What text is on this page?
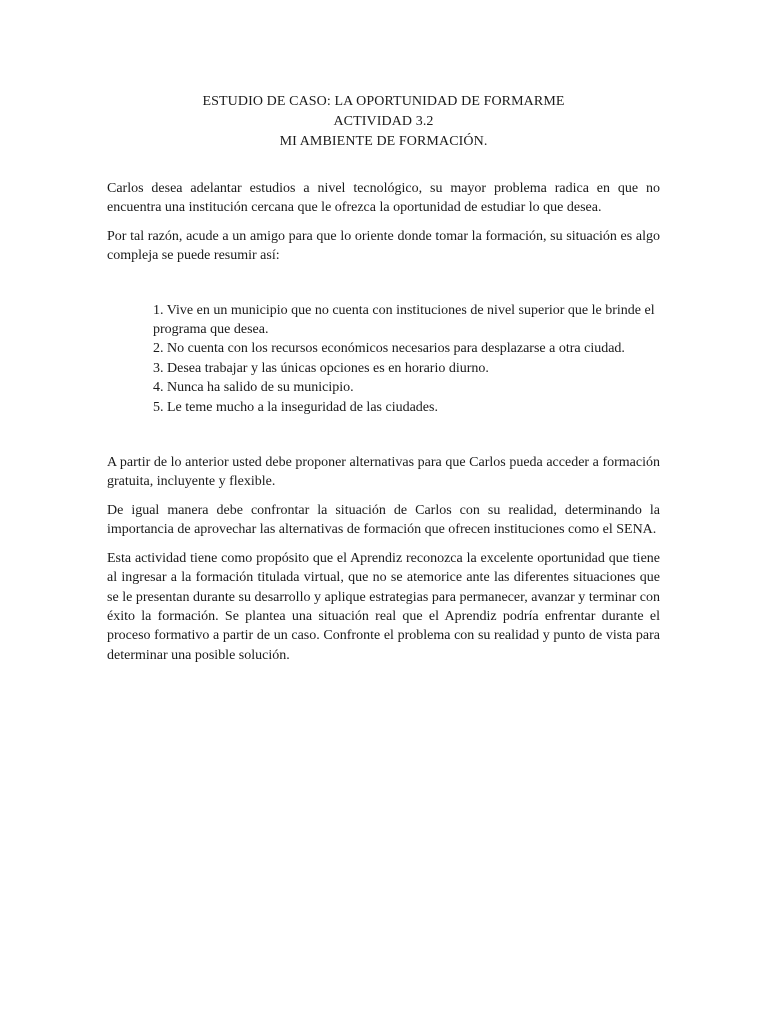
ESTUDIO DE CASO: LA OPORTUNIDAD DE FORMARME
ACTIVIDAD 3.2
MI AMBIENTE DE FORMACIÓN.

Carlos desea adelantar estudios a nivel tecnológico, su mayor problema radica en que no encuentra una institución cercana que le ofrezca la oportunidad de estudiar lo que desea.

Por tal razón, acude a un amigo para que lo oriente donde tomar la formación, su situación es algo compleja se puede resumir así:

1. Vive en un municipio que no cuenta con instituciones de nivel superior que le brinde el programa que desea.
2. No cuenta con los recursos económicos necesarios para desplazarse a otra ciudad.
3. Desea trabajar y las únicas opciones es en horario diurno.
4. Nunca ha salido de su municipio.
5. Le teme mucho a la inseguridad de las ciudades.

A partir de lo anterior usted debe proponer alternativas para que Carlos pueda acceder a formación gratuita, incluyente y flexible.

De igual manera debe confrontar la situación de Carlos con su realidad, determinando la importancia de aprovechar las alternativas de formación que ofrecen instituciones como el SENA.

Esta actividad tiene como propósito que el Aprendiz reconozca la excelente oportunidad que tiene al ingresar a la formación titulada virtual, que no se atemorice ante las diferentes situaciones que se le presentan durante su desarrollo y aplique estrategias para permanecer, avanzar y terminar con éxito la formación. Se plantea una situación real que el Aprendiz podría enfrentar durante el proceso formativo a partir de un caso. Confronte el problema con su realidad y punto de vista para determinar una posible solución.
